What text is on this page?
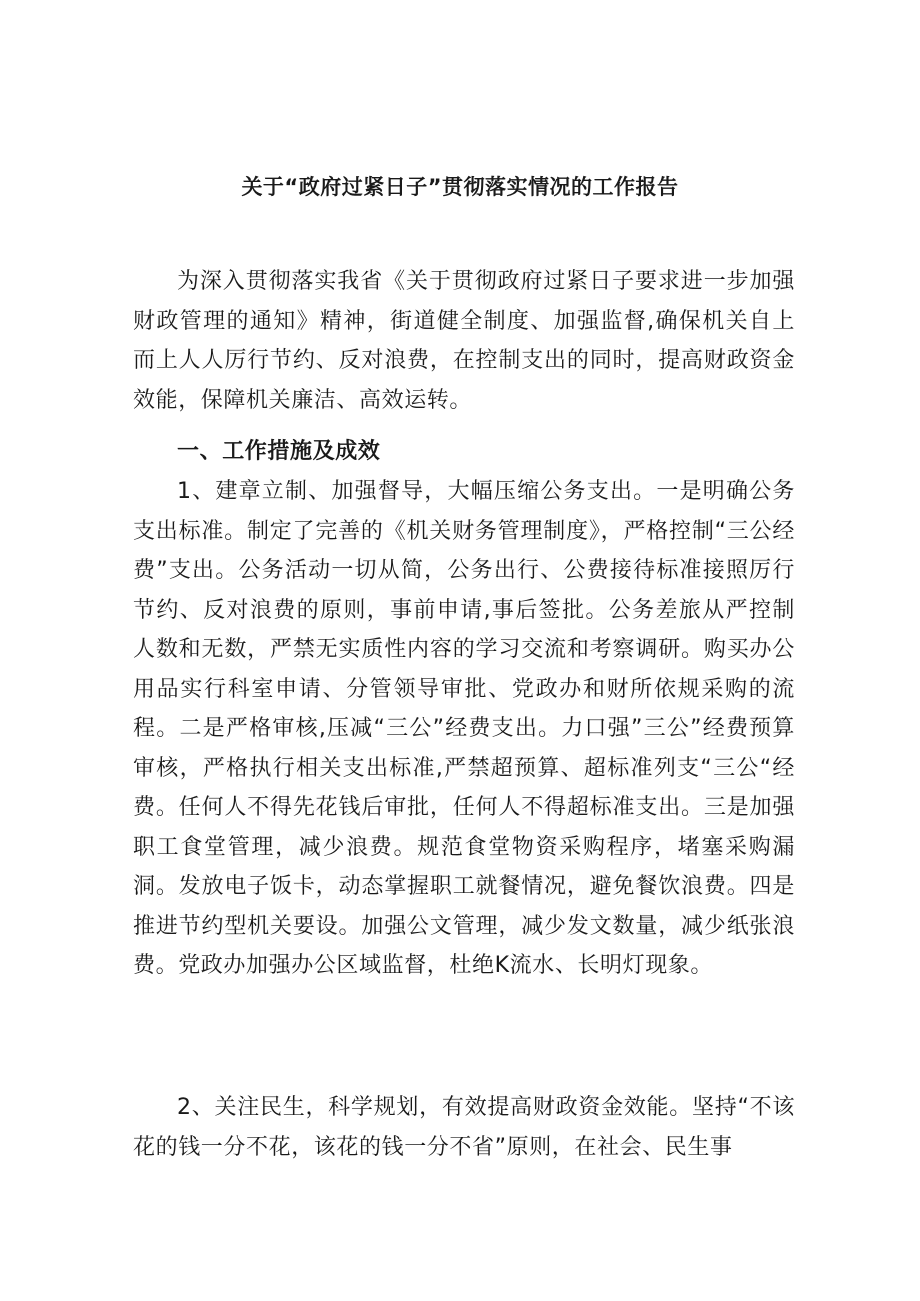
关于“政府过紧日子”贯彻落实情况的工作报告

为深入贯彻落实我省《关于贯彻政府过紧日子要求进一步加强财政管理的通知》精神，街道健全制度、加强监督,确保机关自上而上人人厉行节约、反对浪费，在控制支出的同时，提高财政资金效能，保障机关廉洁、高效运转。

一、工作措施及成效

1、建章立制、加强督导，大幅压缩公务支出。一是明确公务支出标准。制定了完善的《机关财务管理制度》，严格控制“三公经费”支出。公务活动一切从简，公务出行、公费接待标准接照厉行节约、反对浪费的原则，事前申请,事后签批。公务差旅从严控制人数和无数，严禁无实质性内容的学习交流和考察调研。购买办公用品实行科室申请、分管领导审批、党政办和财所依规采购的流程。二是严格审核,压减“三公”经费支出。力口强”三公”经费预算审核，严格执行相关支出标准,严禁超预算、超标准列支“三公“经费。任何人不得先花钱后审批，任何人不得超标准支出。三是加强职工食堂管理，减少浪费。规范食堂物资采购程序，堵塞采购漏洞。发放电子饭卡，动态掌握职工就餐情况，避免餐饮浪费。四是推进节约型机关要设。加强公文管理，减少发文数量，减少纸张浪费。党政办加强办公区域监督，杜绝K流水、长明灯现象。

2、关注民生，科学规划，有效提高财政资金效能。坚持“不该花的钱一分不花，该花的钱一分不省”原则，在社会、民生事
